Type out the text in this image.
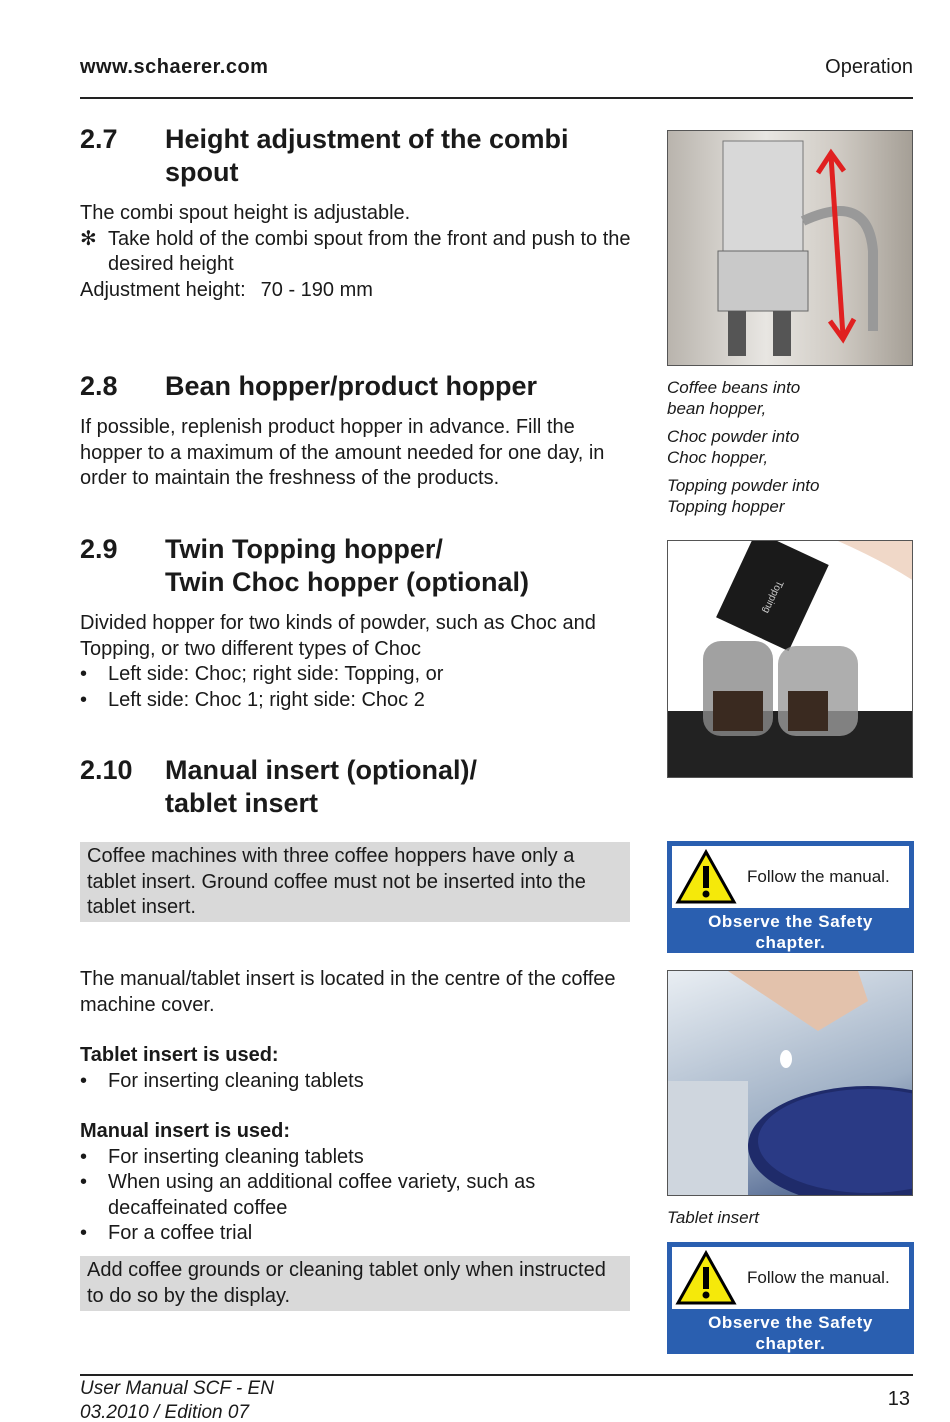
www.schaerer.com	Operation
2.7 Height adjustment of the combi
spout

The combi spout height is adjustable.

✻ Take hold of the combi spout from the front and push to the desired height

Adjustment height: 70 - 190 mm

2.8 Bean hopper/product hopper

If possible, replenish product hopper in advance. Fill the hopper to a maximum of the amount needed for one day, in order to maintain the freshness of the products.

2.9 Twin Topping hopper/
Twin Choc hopper (optional)

Divided hopper for two kinds of powder, such as Choc and Topping, or two different types of Choc

• Left side: Choc; right side: Topping, or

• Left side: Choc 1; right side: Choc 2

2.10 Manual insert (optional)/
tablet insert
Coffee machines with three coffee hoppers have only a tablet insert. Ground coffee must not be inserted into the tablet insert.

The manual/tablet insert is located in the centre of the coffee machine cover.

Tablet insert is used:

• For inserting cleaning tablets

Manual insert is used:

• For inserting cleaning tablets

• When using an additional coffee variety, such as decaffeinated coffee

• For a coffee trial

Add coffee grounds or cleaning tablet only when instructed to do so by the display.

Coffee beans into bean hopper,

Choc powder into Choc hopper,

Topping powder into Topping hopper

Topping
Follow the manual.
Observe the Safety chapter.
Tablet insert
Follow the manual.
Observe the Safety chapter.
User Manual SCF - EN
03.2010 / Edition 07
13
